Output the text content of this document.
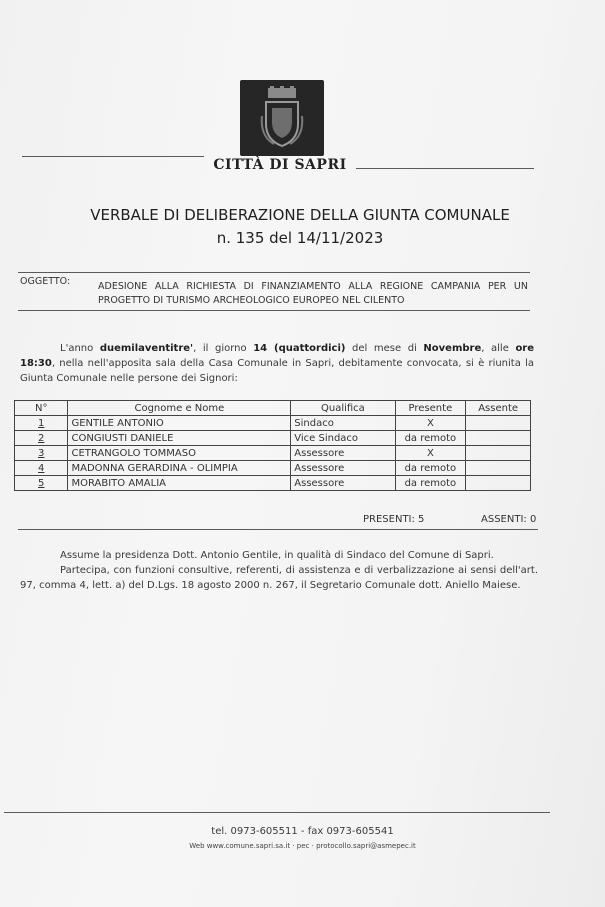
CITTÀ DI SAPRI
VERBALE DI DELIBERAZIONE DELLA GIUNTA COMUNALE
n. 135 del 14/11/2023
OGGETTO:	ADESIONE ALLA RICHIESTA DI FINANZIAMENTO ALLA REGIONE CAMPANIA PER UN PROGETTO DI TURISMO ARCHEOLOGICO EUROPEO NEL CILENTO
L'anno duemilaventitre', il giorno 14 (quattordici) del mese di Novembre, alle ore 18:30, nella nell'apposita sala della Casa Comunale in Sapri, debitamente convocata, si è riunita la Giunta Comunale nelle persone dei Signori:
N°	Cognome e Nome	Qualifica	Presente	Assente
1	GENTILE ANTONIO	Sindaco	X	
2	CONGIUSTI DANIELE	Vice Sindaco	da remoto	
3	CETRANGOLO TOMMASO	Assessore	X	
4	MADONNA GERARDINA - OLIMPIA	Assessore	da remoto	
5	MORABITO AMALIA	Assessore	da remoto	
PRESENTI: 5	ASSENTI: 0

Assume la presidenza Dott. Antonio Gentile, in qualità di Sindaco del Comune di Sapri.

Partecipa, con funzioni consultive, referenti, di assistenza e di verbalizzazione ai sensi dell'art. 97, comma 4, lett. a) del D.Lgs. 18 agosto 2000 n. 267, il Segretario Comunale dott. Aniello Maiese.

tel. 0973-605511 - fax 0973-605541
Web www.comune.sapri.sa.it · pec · protocollo.sapri@asmepec.it
